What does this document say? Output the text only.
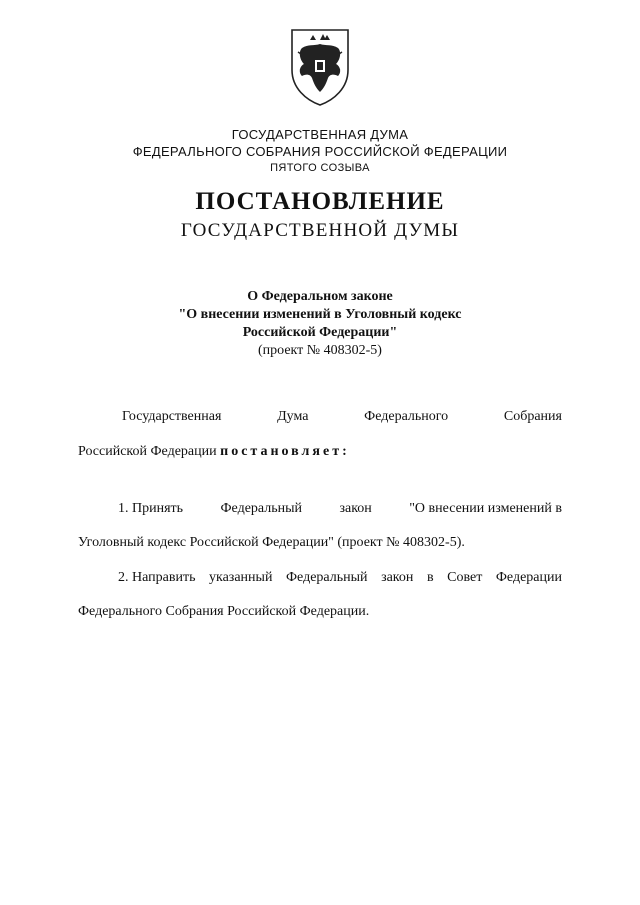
ГОСУДАРСТВЕННАЯ ДУМА
ФЕДЕРАЛЬНОГО СОБРАНИЯ РОССИЙСКОЙ ФЕДЕРАЦИИ
ПЯТОГО СОЗЫВА
ПОСТАНОВЛЕНИЕ
ГОСУДАРСТВЕННОЙ ДУМЫ
О Федеральном законе
"О внесении изменений в Уголовный кодекс
Российской Федерации"
(проект № 408302-5)
Государственная	Дума	Федерального	Собрания
Российской Федерации постановляет:
1. Принять	Федеральный	закон	"О внесении изменений в
Уголовный кодекс Российской Федерации" (проект № 408302-5).
2. Направить указанный Федеральный закон в Совет Федерации
Федерального Собрания Российской Федерации.
